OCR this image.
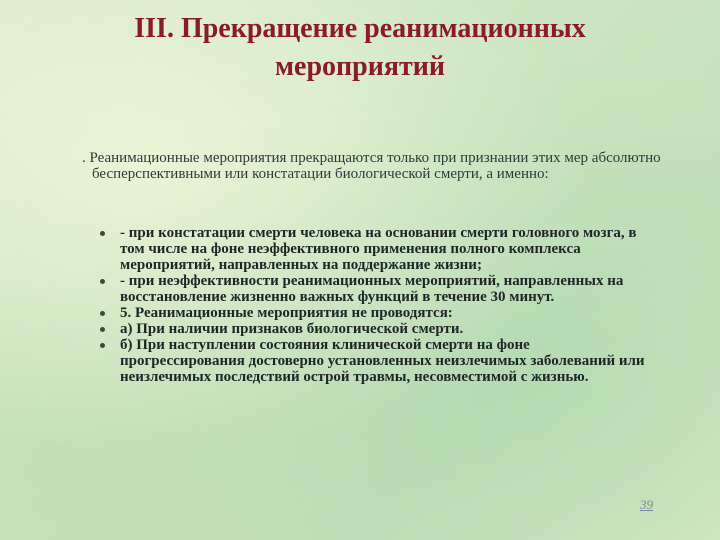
III. Прекращение реанимационных
мероприятий
. Реанимационные мероприятия прекращаются только при признании этих мер абсолютно бесперспективными или констатации биологической смерти, а именно:
- при констатации смерти человека на основании смерти головного мозга, в том числе на фоне неэффективного применения полного комплекса мероприятий, направленных на поддержание жизни;
- при неэффективности реанимационных мероприятий, направленных на восстановление жизненно важных функций в течение 30 минут.
5. Реанимационные мероприятия не проводятся:
а) При наличии признаков биологической смерти.
б) При наступлении состояния клинической смерти на фоне прогрессирования достоверно установленных неизлечимых заболеваний или неизлечимых последствий острой травмы, несовместимой с жизнью.
39
